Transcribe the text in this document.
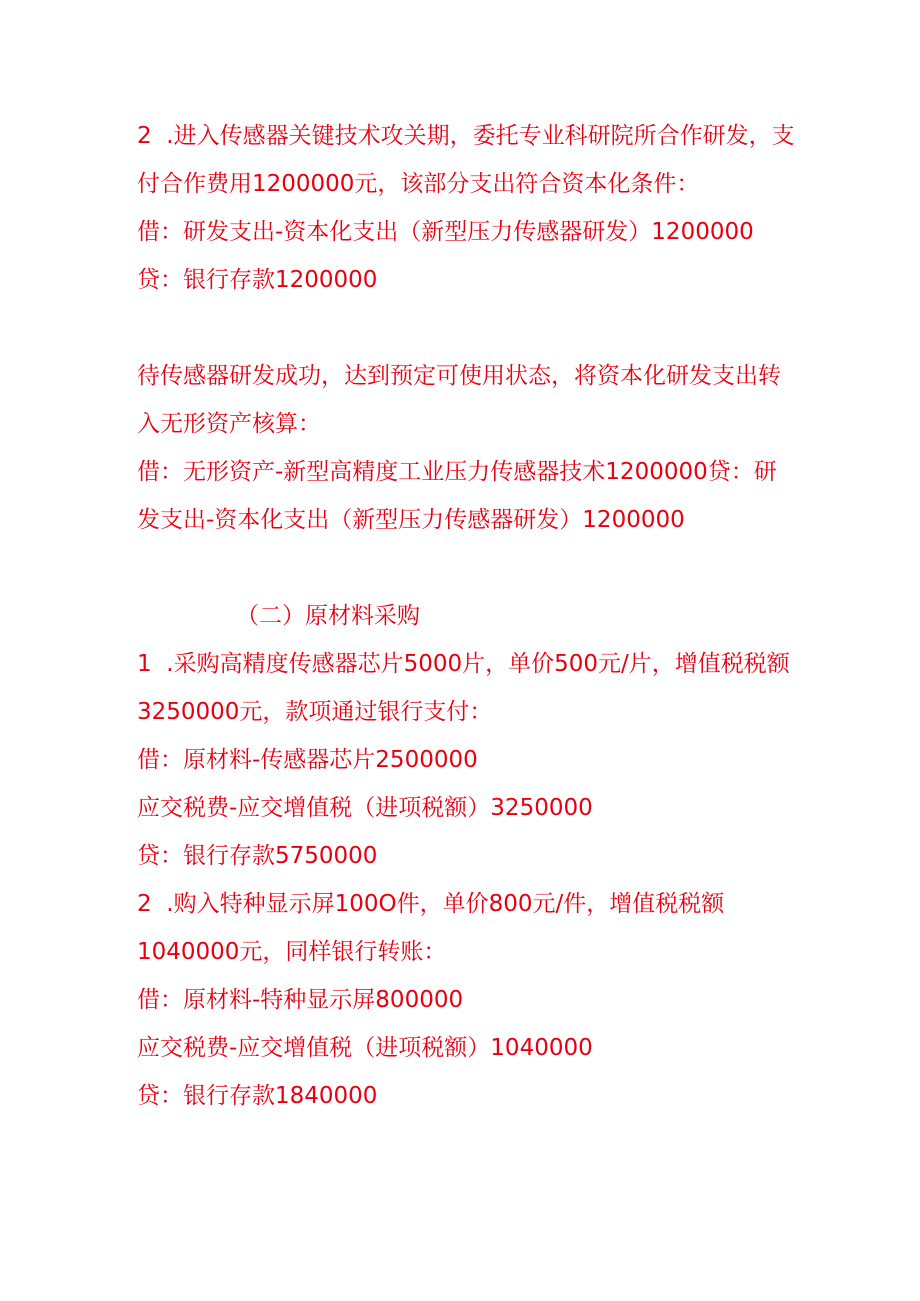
2  .进入传感器关键技术攻关期，委托专业科研院所合作研发，支
付合作费用1200000元，该部分支出符合资本化条件：
借：研发支出-资本化支出（新型压力传感器研发）1200000
贷：银行存款1200000
待传感器研发成功，达到预定可使用状态，将资本化研发支出转
入无形资产核算：
借：无形资产-新型高精度工业压力传感器技术1200000贷：研
发支出-资本化支出（新型压力传感器研发）1200000
（二）原材料采购
1  .采购高精度传感器芯片5000片，单价500元/片，增值税税额
3250000元，款项通过银行支付：
借：原材料-传感器芯片2500000
应交税费-应交增值税（进项税额）3250000
贷：银行存款5750000
2  .购入特种显示屏100O件，单价800元/件，增值税税额
1040000元，同样银行转账：
借：原材料-特种显示屏800000
应交税费-应交增值税（进项税额）1040000
贷：银行存款1840000
